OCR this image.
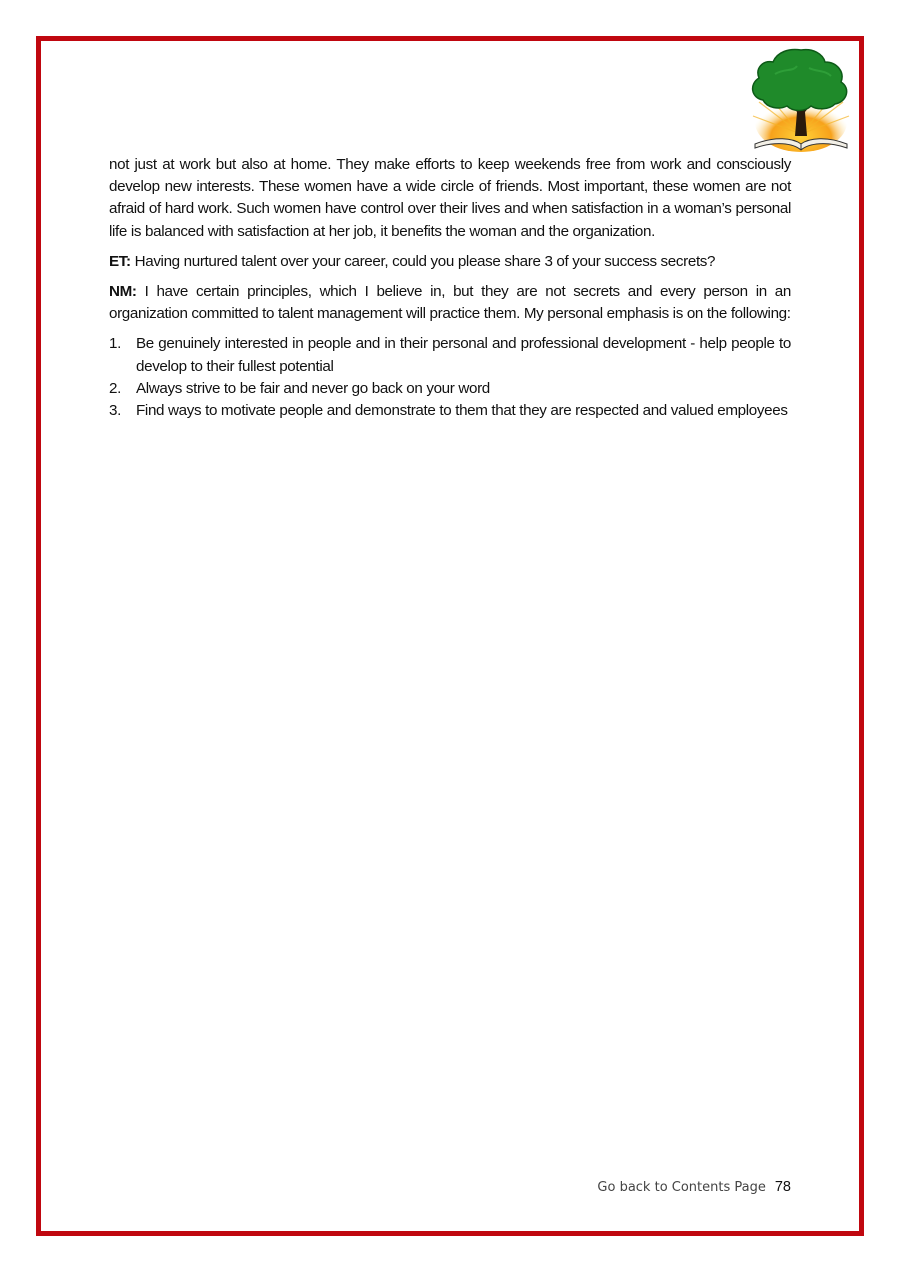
not just at work but also at home. They make efforts to keep weekends free from work and consciously develop new interests. These women have a wide circle of friends. Most important, these women are not afraid of hard work. Such women have control over their lives and when satisfaction in a woman’s personal life is balanced with satisfaction at her job, it benefits the woman and the organization.

ET: Having nurtured talent over your career, could you please share 3 of your success secrets?

NM: I have certain principles, which I believe in, but they are not secrets and every person in an organization committed to talent management will practice them. My personal emphasis is on the following:

1. Be genuinely interested in people and in their personal and professional development - help people to develop to their fullest potential
2. Always strive to be fair and never go back on your word
3. Find ways to motivate people and demonstrate to them that they are respected and valued employees
Go back to Contents Page 78
